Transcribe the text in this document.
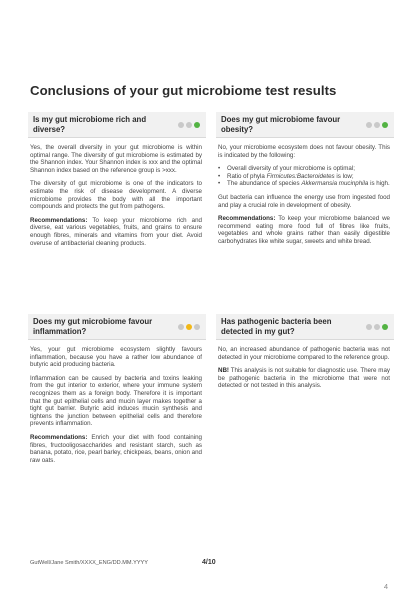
Conclusions of your gut microbiome test results
Is my gut microbiome rich and diverse?

Yes, the overall diversity in your gut microbiome is within optimal range. The diversity of gut microbiome is estimated by the Shannon index. Your Shannon index is xxx and the optimal Shannon index based on the reference group is >xxx.

The diversity of gut microbiome is one of the indicators to estimate the risk of disease development. A diverse microbiome provides the body with all the important compounds and protects the gut from pathogens.

Recommendations: To keep your microbiome rich and diverse, eat various vegetables, fruits, and grains to ensure enough fibres, minerals and vitamins from your diet. Avoid overuse of antibacterial cleaning products.

Does my gut microbiome favour obesity?

No, your microbiome ecosystem does not favour obesity. This is indicated by the following:

• Overall diversity of your microbiome is optimal;
• Ratio of phyla Firmicutes:Bacteroidetes is low;
• The abundance of species Akkermansia mucinphila is high.

Gut bacteria can influence the energy use from ingested food and play a crucial role in development of obesity.

Recommendations: To keep your microbiome balanced we recommend eating more food full of fibres like fruits, vegetables and whole grains rather than easily digestible carbohydrates like white sugar, sweets and white bread.

Does my gut microbiome favour inflammation?

Yes, your gut microbiome ecosystem slightly favours inflammation, because you have a rather low abundance of butyric acid producing bacteria.

Inflammation can be caused by bacteria and toxins leaking from the gut interior to exterior, where your immune system recognizes them as a foreign body. Therefore it is important that the gut epithelial cells and mucin layer makes together a tight gut barrier. Butyric acid induces mucin synthesis and tightens the junction between epithelial cells and therefore prevents inflammation.

Recommendations: Enrich your diet with food containing fibres, fructooligosaccharides and resistant starch, such as banana, potato, rice, pearl barley, chickpeas, beans, onion and raw oats.

Has pathogenic bacteria been detected in my gut?

No, an increased abundance of pathogenic bacteria was not detected in your microbiome compared to the reference group.

NB! This analysis is not suitable for diagnostic use. There may be pathogenic bacteria in the microbiome that were not detected or not tested in this analysis.

GutWell/Jane Smith/XXXX_ENG/DD.MM.YYYY	4/10
4
